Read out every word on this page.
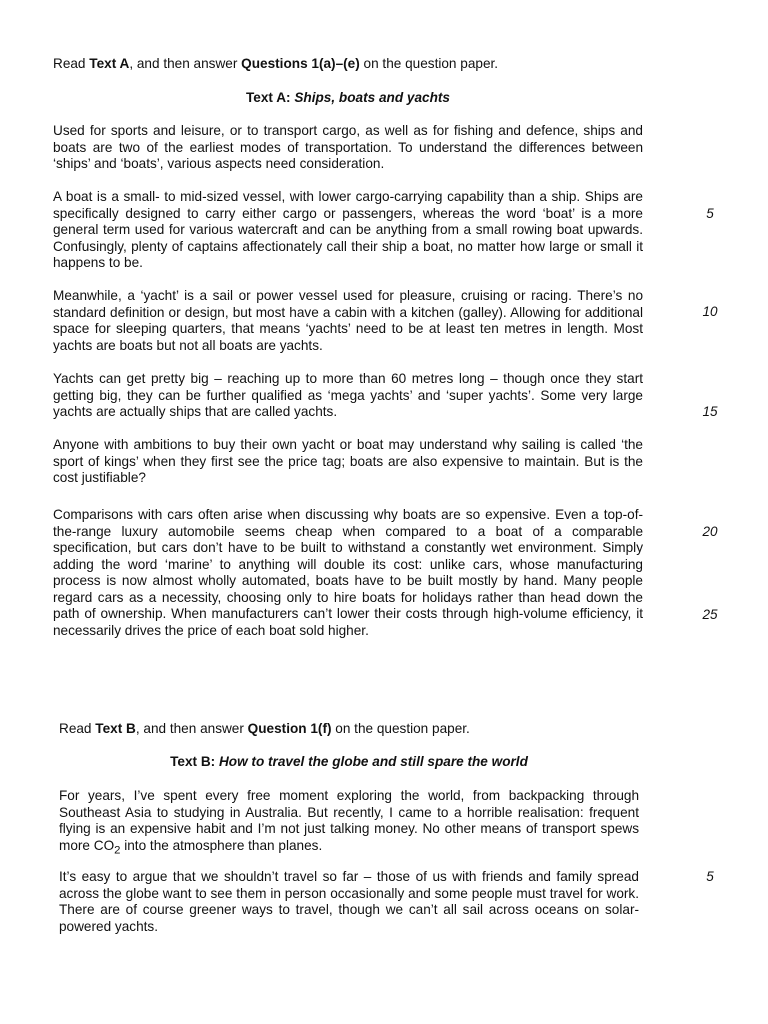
Read Text A, and then answer Questions 1(a)–(e) on the question paper.

Text A: Ships, boats and yachts

Used for sports and leisure, or to transport cargo, as well as for fishing and defence, ships and boats are two of the earliest modes of transportation. To understand the differences between ‘ships’ and ‘boats’, various aspects need consideration.

A boat is a small- to mid-sized vessel, with lower cargo-carrying capability than a ship. Ships are specifically designed to carry either cargo or passengers, whereas the word ‘boat’ is a more general term used for various watercraft and can be anything from a small rowing boat upwards. Confusingly, plenty of captains affectionately call their ship a boat, no matter how large or small it happens to be.

Meanwhile, a ‘yacht’ is a sail or power vessel used for pleasure, cruising or racing. There’s no standard definition or design, but most have a cabin with a kitchen (galley). Allowing for additional space for sleeping quarters, that means ‘yachts’ need to be at least ten metres in length. Most yachts are boats but not all boats are yachts.

Yachts can get pretty big – reaching up to more than 60 metres long – though once they start getting big, they can be further qualified as ‘mega yachts’ and ‘super yachts’. Some very large yachts are actually ships that are called yachts.

Anyone with ambitions to buy their own yacht or boat may understand why sailing is called ‘the sport of kings’ when they first see the price tag; boats are also expensive to maintain. But is the cost justifiable?

Comparisons with cars often arise when discussing why boats are so expensive. Even a top-of-the-range luxury automobile seems cheap when compared to a boat of a comparable specification, but cars don’t have to be built to withstand a constantly wet environment. Simply adding the word ‘marine’ to anything will double its cost: unlike cars, whose manufacturing process is now almost wholly automated, boats have to be built mostly by hand. Many people regard cars as a necessity, choosing only to hire boats for holidays rather than head down the path of ownership. When manufacturers can’t lower their costs through high-volume efficiency, it necessarily drives the price of each boat sold higher.

5
10
15
20
25

Read Text B, and then answer Question 1(f) on the question paper.

Text B: How to travel the globe and still spare the world

For years, I’ve spent every free moment exploring the world, from backpacking through Southeast Asia to studying in Australia. But recently, I came to a horrible realisation: frequent flying is an expensive habit and I’m not just talking money. No other means of transport spews more $CO_2$ into the atmosphere than planes.

It’s easy to argue that we shouldn’t travel so far – those of us with friends and family spread across the globe want to see them in person occasionally and some people must travel for work. There are of course greener ways to travel, though we can’t all sail across oceans on solar-powered yachts.

5
